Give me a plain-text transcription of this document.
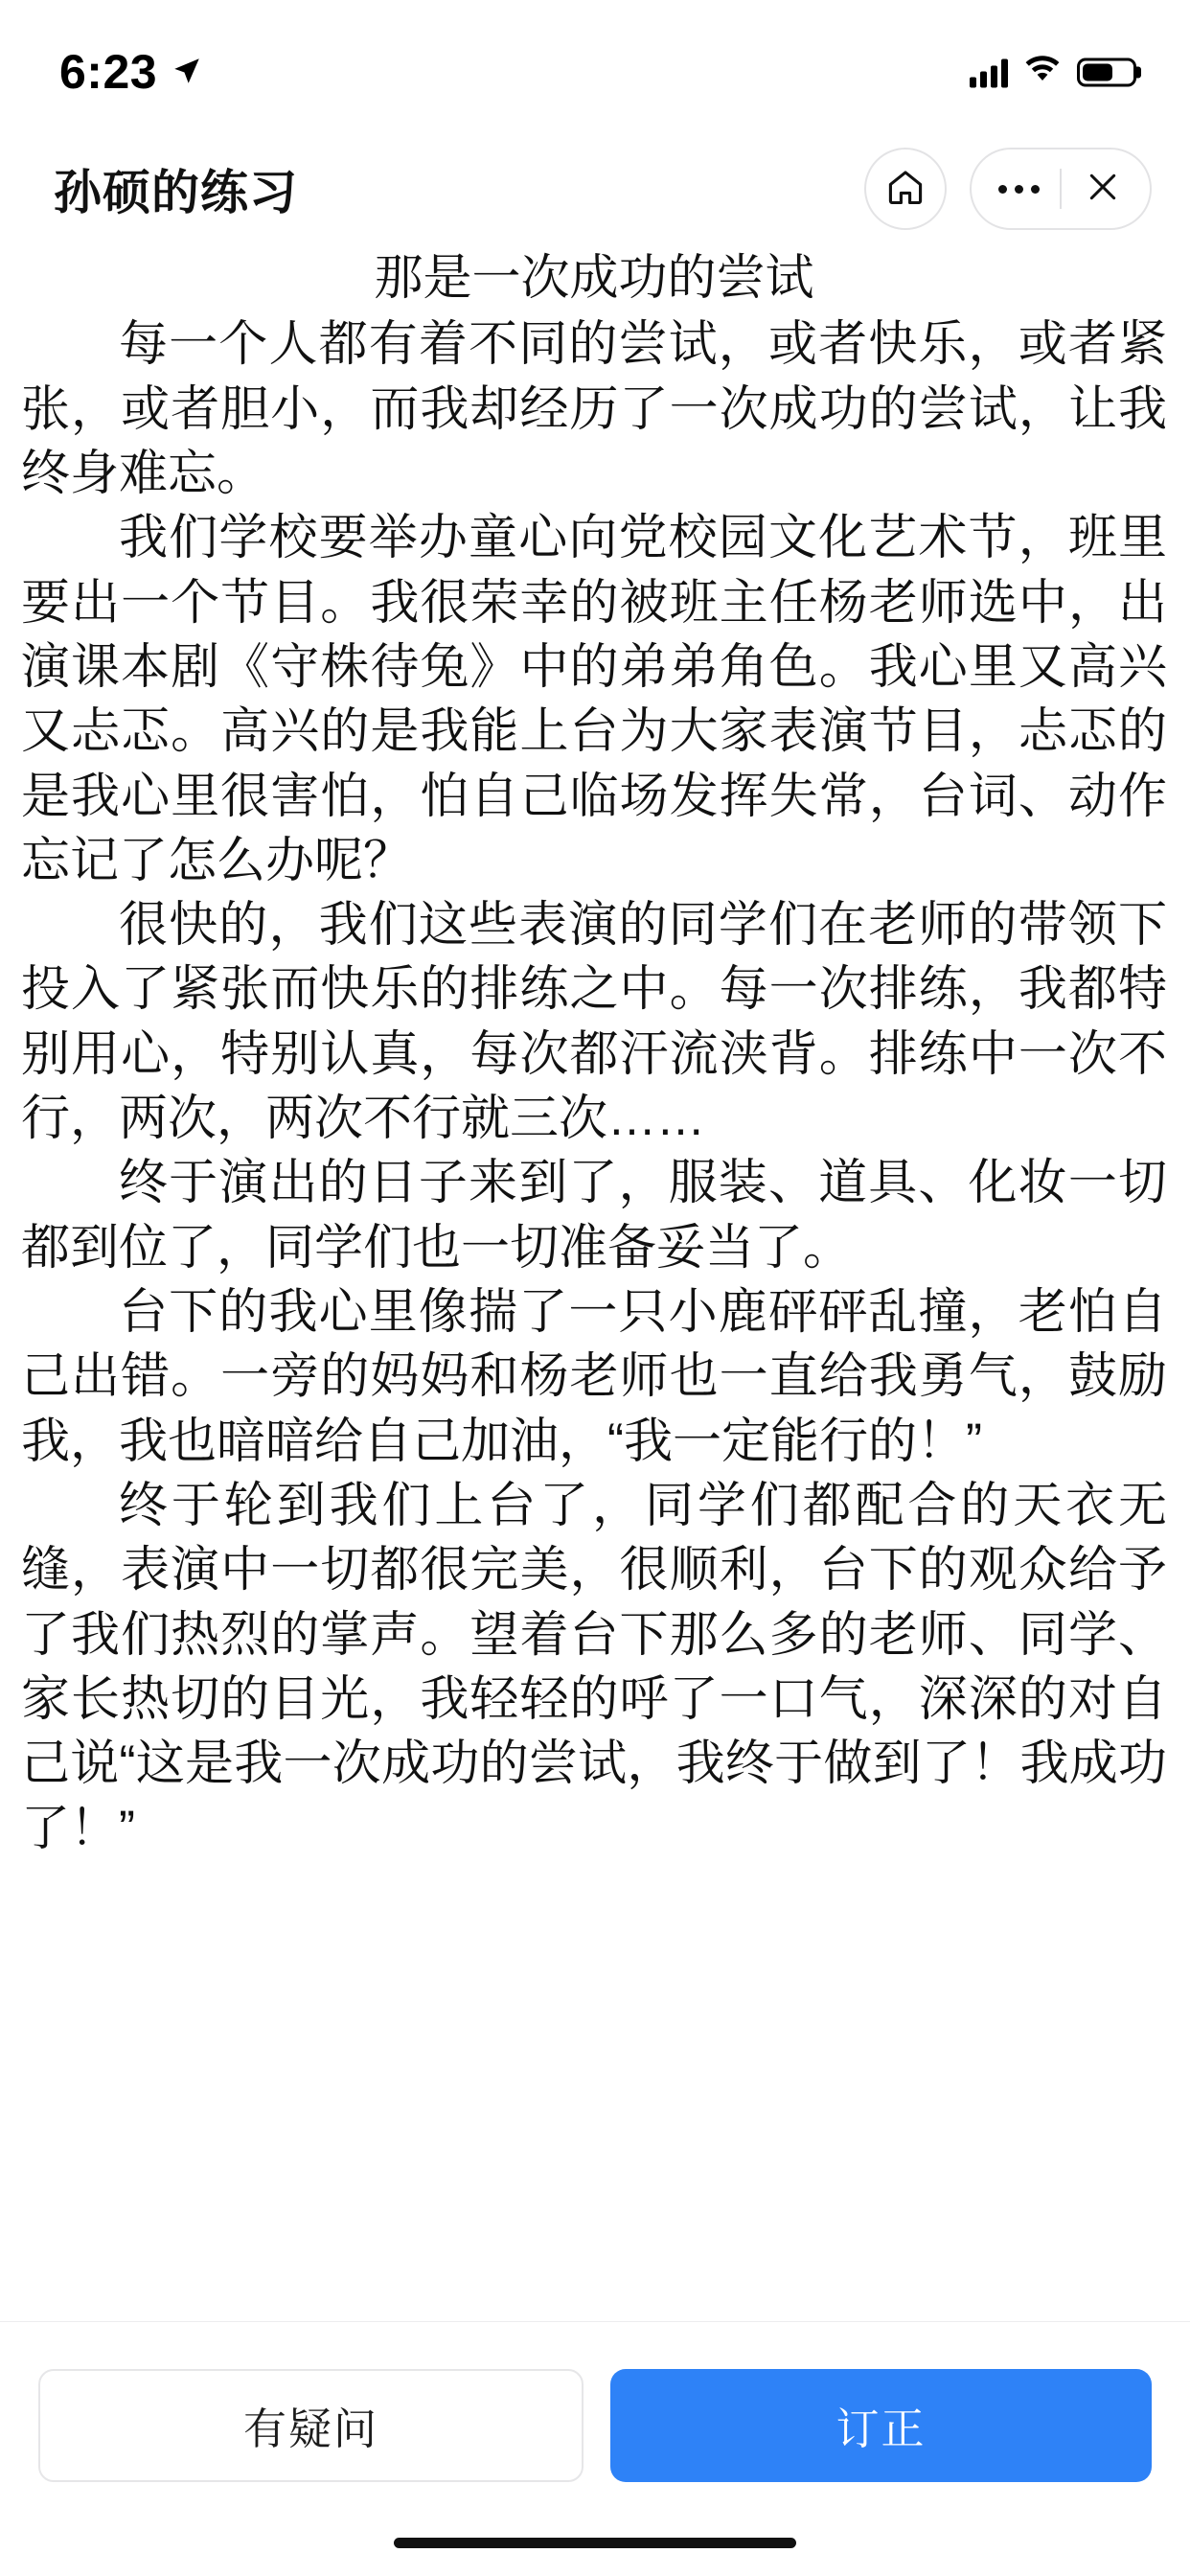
6:23
孙硕的练习
那是一次成功的尝试

每一个人都有着不同的尝试，或者快乐，或者紧张，或者胆小，而我却经历了一次成功的尝试，让我终身难忘。

我们学校要举办童心向党校园文化艺术节，班里要出一个节目。我很荣幸的被班主任杨老师选中，出演课本剧《守株待兔》中的弟弟角色。我心里又高兴又忐忑。高兴的是我能上台为大家表演节目，忐忑的是我心里很害怕，怕自己临场发挥失常，台词、动作忘记了怎么办呢？

很快的，我们这些表演的同学们在老师的带领下投入了紧张而快乐的排练之中。每一次排练，我都特别用心，特别认真，每次都汗流浃背。排练中一次不行，两次，两次不行就三次……

终于演出的日子来到了，服装、道具、化妆一切都到位了，同学们也一切准备妥当了。

台下的我心里像揣了一只小鹿砰砰乱撞，老怕自己出错。一旁的妈妈和杨老师也一直给我勇气，鼓励我，我也暗暗给自己加油，“我一定能行的！”

终于轮到我们上台了，同学们都配合的天衣无缝，表演中一切都很完美，很顺利，台下的观众给予了我们热烈的掌声。望着台下那么多的老师、同学、家长热切的目光，我轻轻的呼了一口气，深深的对自己说“这是我一次成功的尝试，我终于做到了！我成功了！”

有疑问	订正
